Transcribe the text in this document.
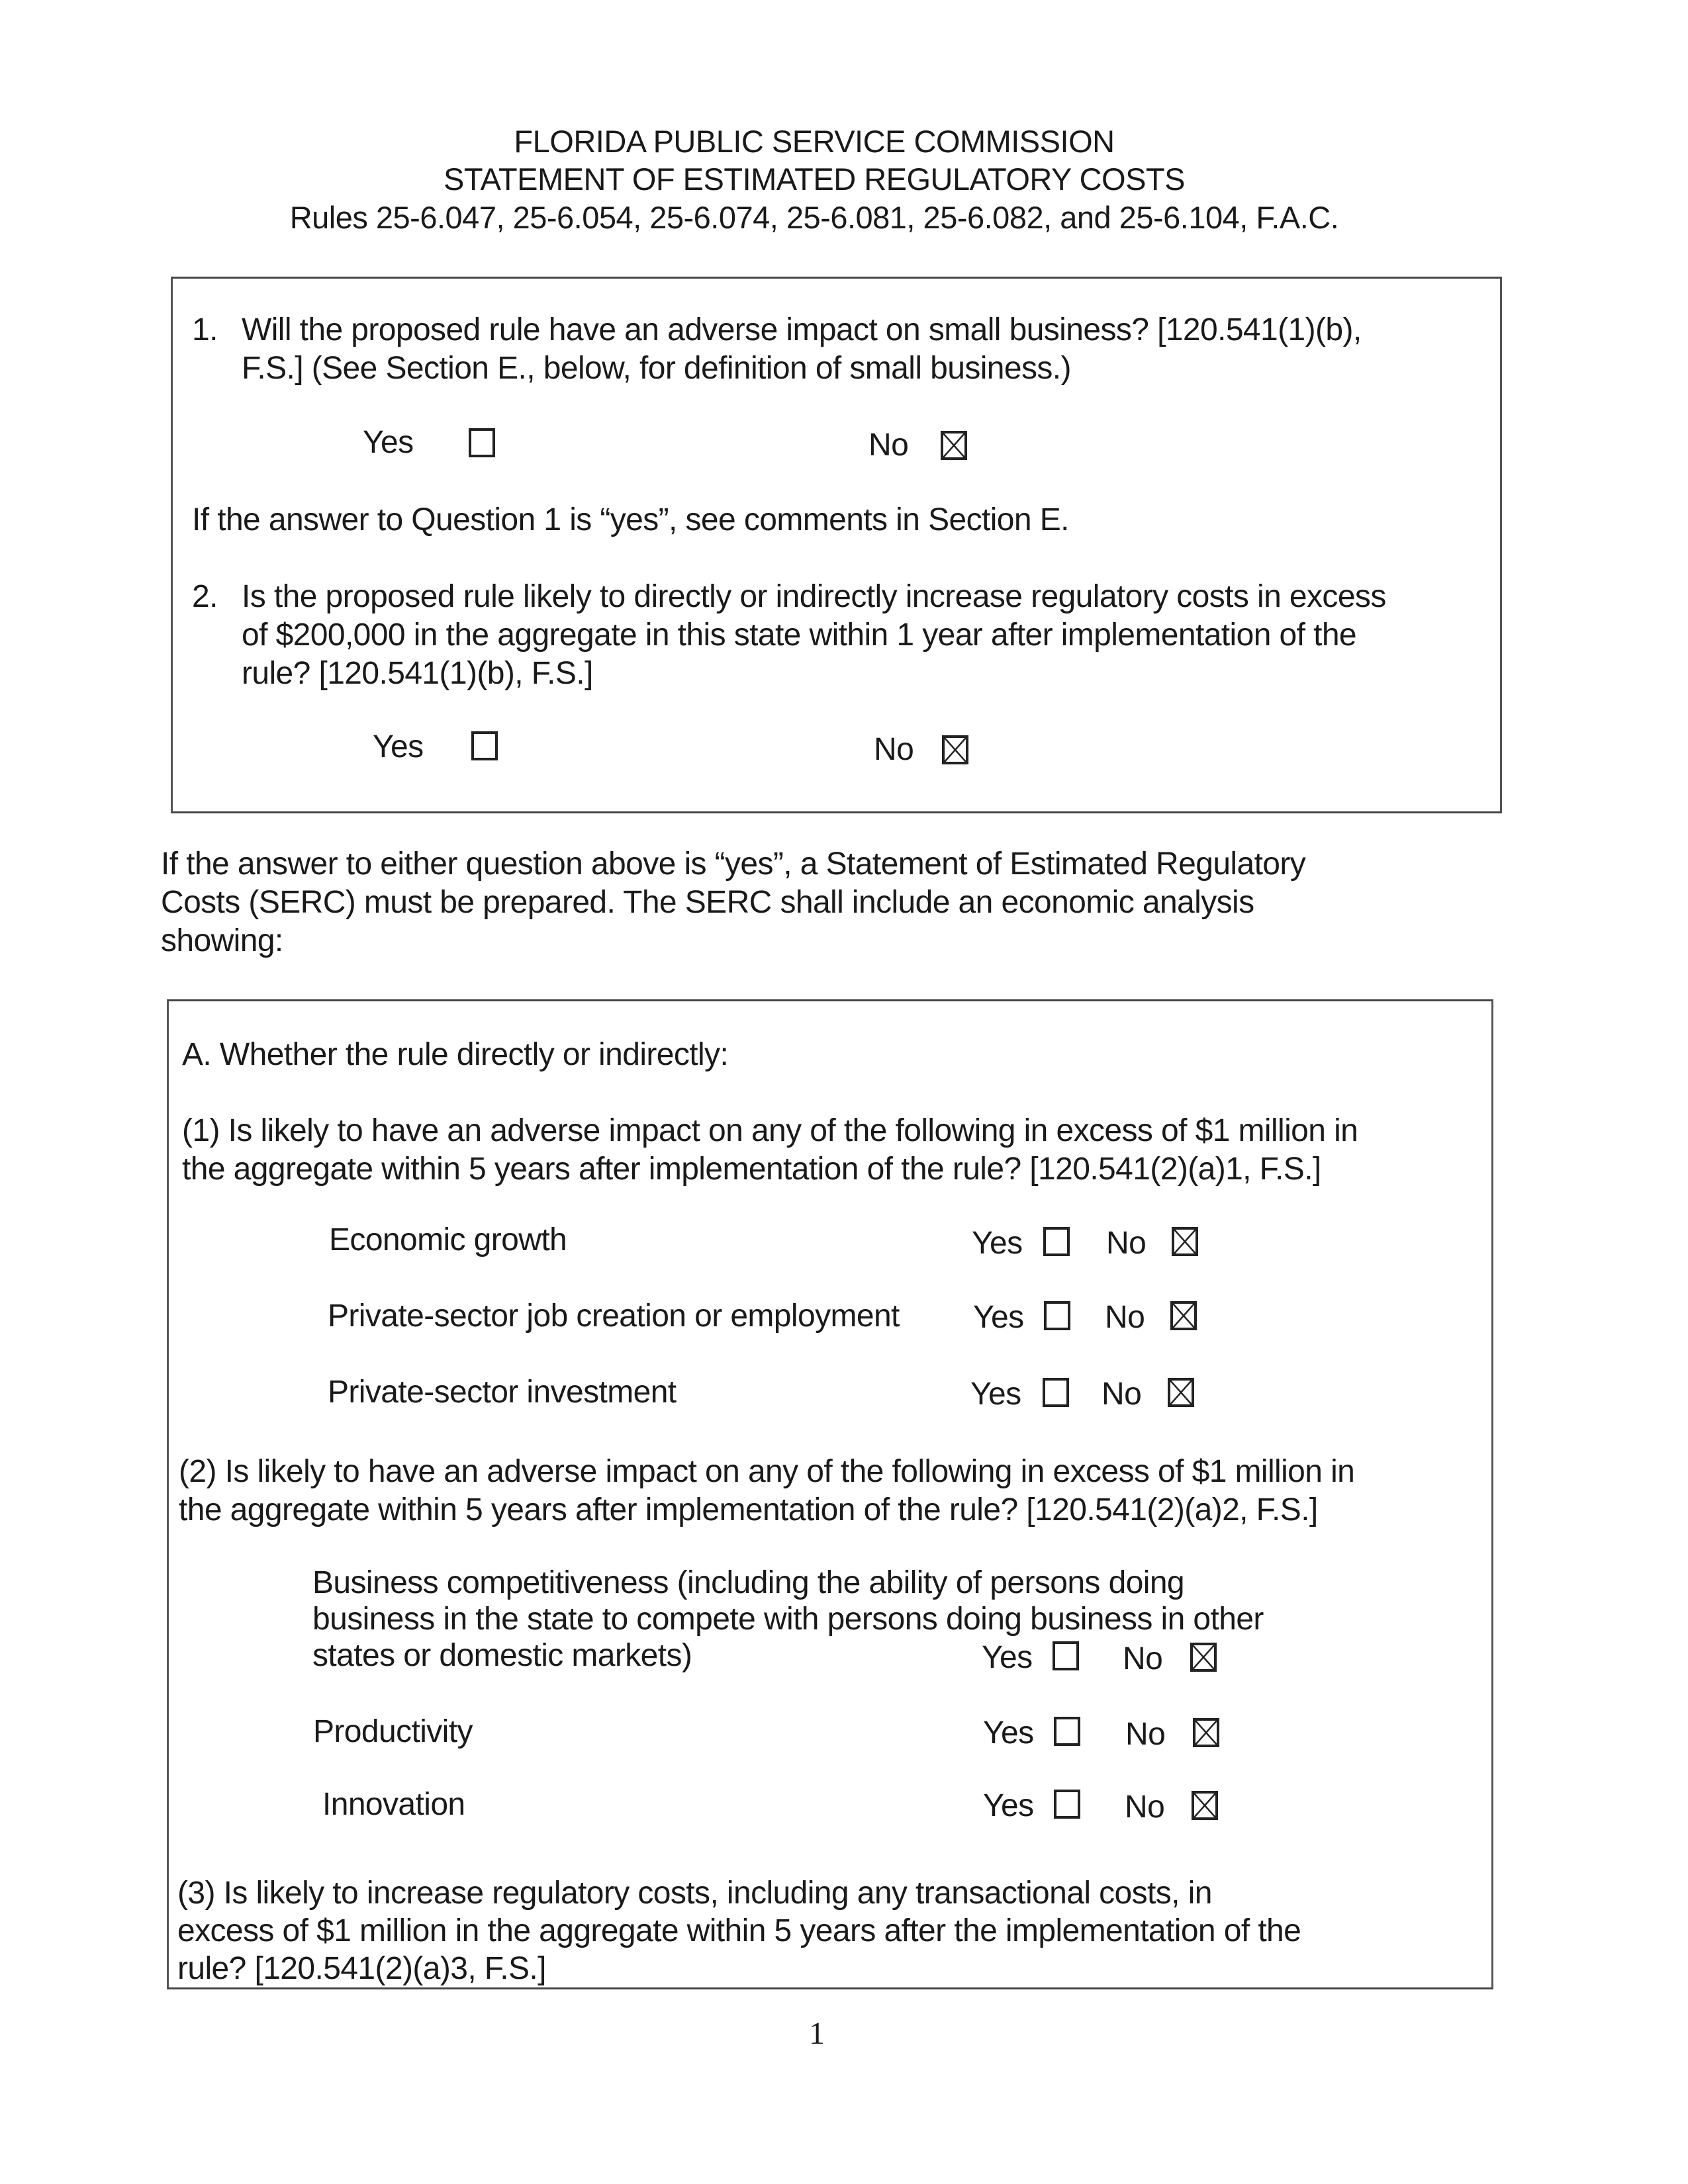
FLORIDA PUBLIC SERVICE COMMISSION
STATEMENT OF ESTIMATED REGULATORY COSTS
Rules 25-6.047, 25-6.054, 25-6.074, 25-6.081, 25-6.082, and 25-6.104, F.A.C.
1. Will the proposed rule have an adverse impact on small business? [120.541(1)(b),
F.S.] (See Section E., below, for definition of small business.)
Yes	No
If the answer to Question 1 is “yes”, see comments in Section E.
2. Is the proposed rule likely to directly or indirectly increase regulatory costs in excess
of $200,000 in the aggregate in this state within 1 year after implementation of the
rule? [120.541(1)(b), F.S.]
Yes	No
If the answer to either question above is “yes”, a Statement of Estimated Regulatory
Costs (SERC) must be prepared. The SERC shall include an economic analysis
showing:
A. Whether the rule directly or indirectly:
(1) Is likely to have an adverse impact on any of the following in excess of $1 million in
the aggregate within 5 years after implementation of the rule? [120.541(2)(a)1, F.S.]
Economic growth	Yes	No
Private-sector job creation or employment Yes	No
Private-sector investment	Yes	No
(2) Is likely to have an adverse impact on any of the following in excess of $1 million in
the aggregate within 5 years after implementation of the rule? [120.541(2)(a)2, F.S.]
Business competitiveness (including the ability of persons doing
business in the state to compete with persons doing business in other
states or domestic markets)	Yes	No
Productivity	Yes	No
Innovation	Yes	No
(3) Is likely to increase regulatory costs, including any transactional costs, in
excess of $1 million in the aggregate within 5 years after the implementation of the
rule? [120.541(2)(a)3, F.S.]
1
